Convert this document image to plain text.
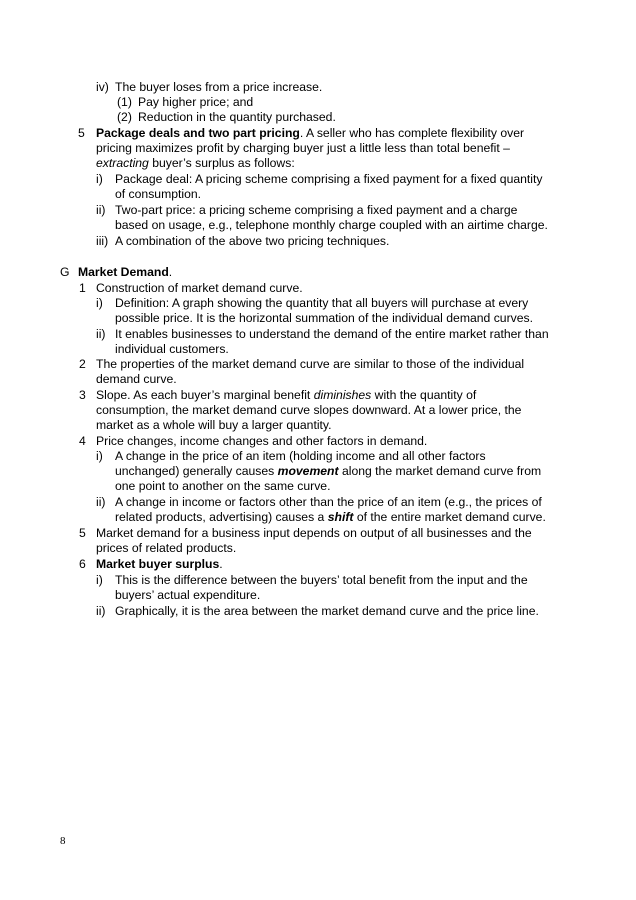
iv) The buyer loses from a price increase.
(1) Pay higher price; and
(2) Reduction in the quantity purchased.
5 Package deals and two part pricing. A seller who has complete flexibility over
pricing maximizes profit by charging buyer just a little less than total benefit –
extracting buyer’s surplus as follows:
i) Package deal: A pricing scheme comprising a fixed payment for a fixed quantity
of consumption.
ii) Two-part price: a pricing scheme comprising a fixed payment and a charge
based on usage, e.g., telephone monthly charge coupled with an airtime charge.
iii) A combination of the above two pricing techniques.
G Market Demand.
1 Construction of market demand curve.
i) Definition: A graph showing the quantity that all buyers will purchase at every
possible price. It is the horizontal summation of the individual demand curves.
ii) It enables businesses to understand the demand of the entire market rather than
individual customers.
2 The properties of the market demand curve are similar to those of the individual
demand curve.
3 Slope. As each buyer’s marginal benefit diminishes with the quantity of
consumption, the market demand curve slopes downward. At a lower price, the
market as a whole will buy a larger quantity.
4 Price changes, income changes and other factors in demand.
i) A change in the price of an item (holding income and all other factors
unchanged) generally causes movement along the market demand curve from
one point to another on the same curve.
ii) A change in income or factors other than the price of an item (e.g., the prices of
related products, advertising) causes a shift of the entire market demand curve.
5 Market demand for a business input depends on output of all businesses and the
prices of related products.
6 Market buyer surplus.
i) This is the difference between the buyers’ total benefit from the input and the
buyers’ actual expenditure.
ii) Graphically, it is the area between the market demand curve and the price line.
8
